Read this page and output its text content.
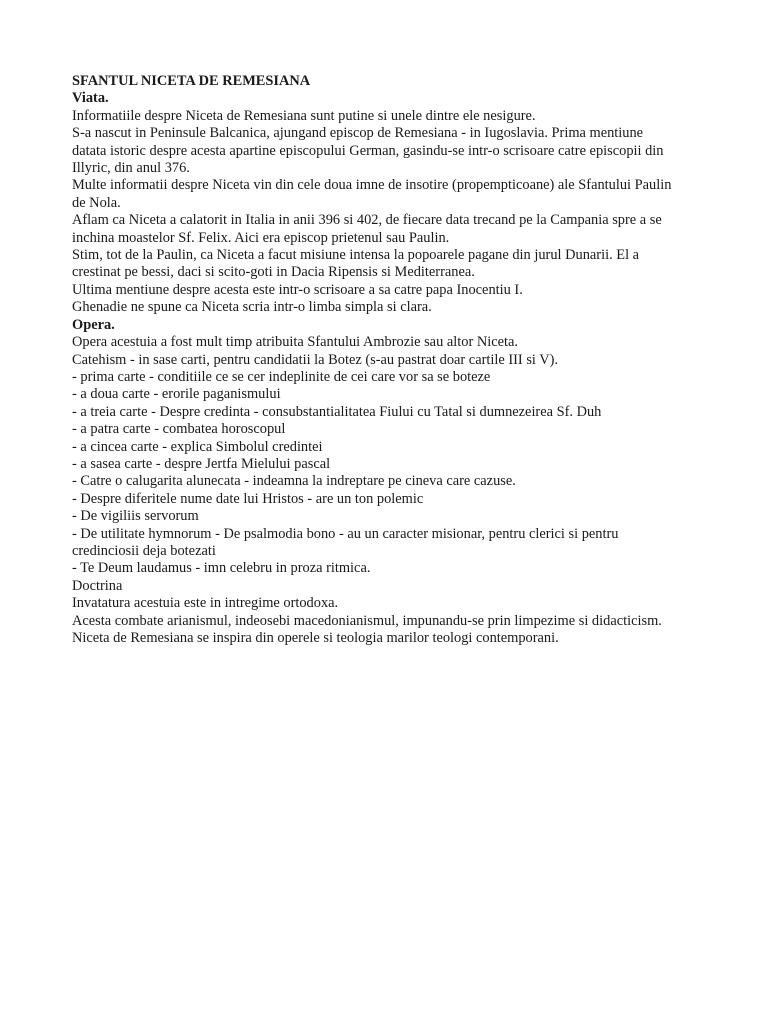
SFANTUL NICETA DE REMESIANA

Viata.

Informatiile despre Niceta de Remesiana sunt putine si unele dintre ele nesigure.

S-a nascut in Peninsule Balcanica, ajungand episcop de Remesiana - in Iugoslavia. Prima mentiune datata istoric despre acesta apartine episcopului German, gasindu-se intr-o scrisoare catre episcopii din Illyric, din anul 376.

Multe informatii despre Niceta vin din cele doua imne de insotire (propempticoane) ale Sfantului Paulin de Nola.

Aflam ca Niceta a calatorit in Italia in anii 396 si 402, de fiecare data trecand pe la Campania spre a se inchina moastelor Sf. Felix. Aici era episcop prietenul sau Paulin.

Stim, tot de la Paulin, ca Niceta a facut misiune intensa la popoarele pagane din jurul Dunarii. El a crestinat pe bessi, daci si scito-goti in Dacia Ripensis si Mediterranea.

Ultima mentiune despre acesta este intr-o scrisoare a sa catre papa Inocentiu I.

Ghenadie ne spune ca Niceta scria intr-o limba simpla si clara.

Opera.

Opera acestuia a fost mult timp atribuita Sfantului Ambrozie sau altor Niceta.

Catehism - in sase carti, pentru candidatii la Botez (s-au pastrat doar cartile III si V).

- prima carte - conditiile ce se cer indeplinite de cei care vor sa se boteze

- a doua carte - erorile paganismului

- a treia carte - Despre credinta - consubstantialitatea Fiului cu Tatal si dumnezeirea Sf. Duh

- a patra carte - combatea horoscopul

- a cincea carte - explica Simbolul credintei

- a sasea carte - despre Jertfa Mielului pascal

- Catre o calugarita alunecata - indeamna la indreptare pe cineva care cazuse.

- Despre diferitele nume date lui Hristos - are un ton polemic

- De vigiliis servorum

- De utilitate hymnorum - De psalmodia bono - au un caracter misionar, pentru clerici si pentru credinciosii deja botezati

- Te Deum laudamus - imn celebru in proza ritmica.

Doctrina

Invatatura acestuia este in intregime ortodoxa.

Acesta combate arianismul, indeosebi macedonianismul, impunandu-se prin limpezime si didacticism.

Niceta de Remesiana se inspira din operele si teologia marilor teologi contemporani.
